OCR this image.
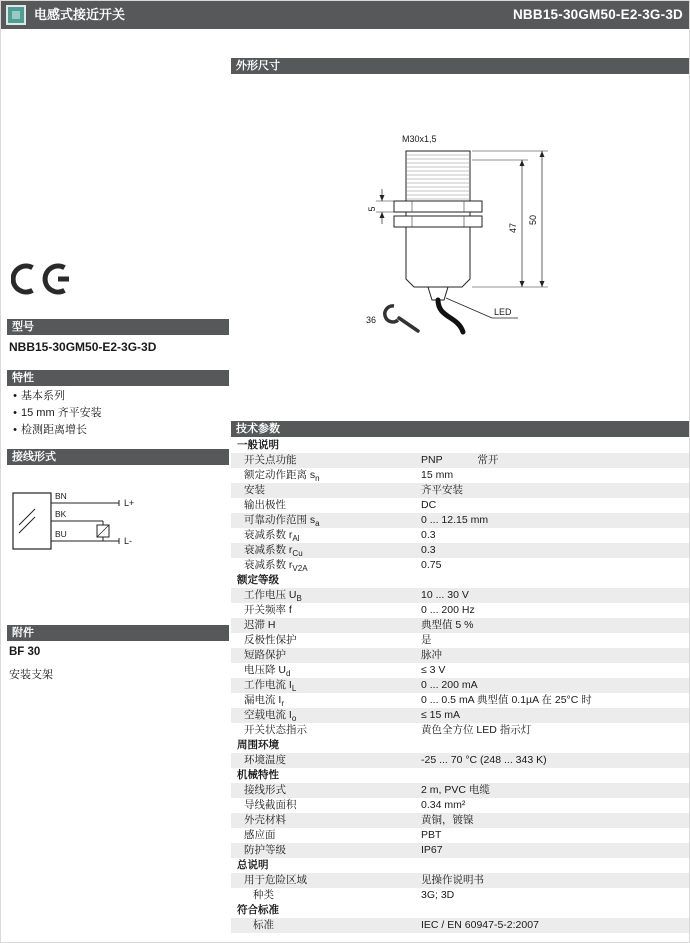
电感式接近开关	NBB15-30GM50-E2-3G-3D
型号
NBB15-30GM50-E2-3G-3D
特性
• 基本系列
• 15 mm 齐平安装
• 检测距离增长
接线形式
BN
BK
BU
L+
L-
附件
BF 30
安装支架
外形尺寸
M30x1,5
LED
47
50
5
36
技术参数
一般说明
开关点功能	PNP            常开
额定动作距离 $s_n$	15 mm
安装	齐平安装
输出极性	DC
可靠动作范围 $s_a$	0 ... 12.15 mm
衰减系数 $r_{Al}$	0.3
衰减系数 $r_{Cu}$	0.3
衰减系数 $r_{V2A}$	0.75
额定等级
工作电压 $U_B$	10 ... 30 V
开关频率 f	0 ... 200 Hz
迟滞 H	典型值 5 %
反极性保护	是
短路保护	脉冲
电压降 $U_d$	≤ 3 V
工作电流 $I_L$	0 ... 200 mA
漏电流 $I_r$	0 ... 0.5 mA 典型值 0.1µA 在 25°C 时
空载电流 $I_o$	≤ 15 mA
开关状态指示	黄色全方位 LED 指示灯
周围环境
环境温度	-25 ... 70 °C (248 ... 343 K)
机械特性
接线形式	2 m, PVC 电缆
导线截面积	0.34 mm²
外壳材料	黄铜，镀镍
感应面	PBT
防护等级	IP67
总说明
用于危险区域	见操作说明书
种类	3G; 3D
符合标准
标准	IEC / EN 60947-5-2:2007
